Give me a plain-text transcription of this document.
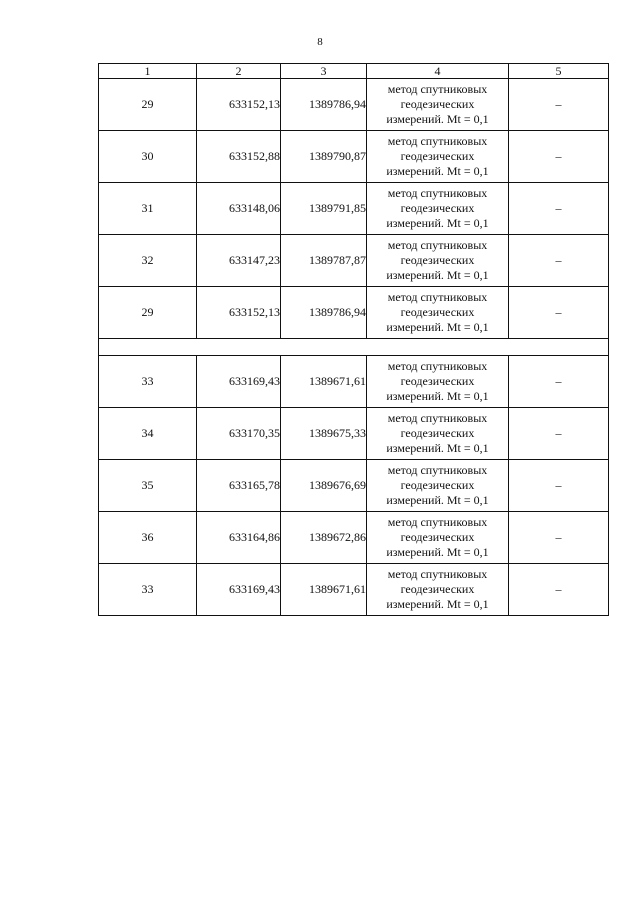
8
1	2	3	4	5
29	633152,13	1389786,94	метод спутниковых
геодезических
измерений. Mt = 0,1	–
30	633152,88	1389790,87	метод спутниковых
геодезических
измерений. Mt = 0,1	–
31	633148,06	1389791,85	метод спутниковых
геодезических
измерений. Mt = 0,1	–
32	633147,23	1389787,87	метод спутниковых
геодезических
измерений. Mt = 0,1	–
29	633152,13	1389786,94	метод спутниковых
геодезических
измерений. Mt = 0,1	–

33	633169,43	1389671,61	метод спутниковых
геодезических
измерений. Mt = 0,1	–
34	633170,35	1389675,33	метод спутниковых
геодезических
измерений. Mt = 0,1	–
35	633165,78	1389676,69	метод спутниковых
геодезических
измерений. Mt = 0,1	–
36	633164,86	1389672,86	метод спутниковых
геодезических
измерений. Mt = 0,1	–
33	633169,43	1389671,61	метод спутниковых
геодезических
измерений. Mt = 0,1	–
